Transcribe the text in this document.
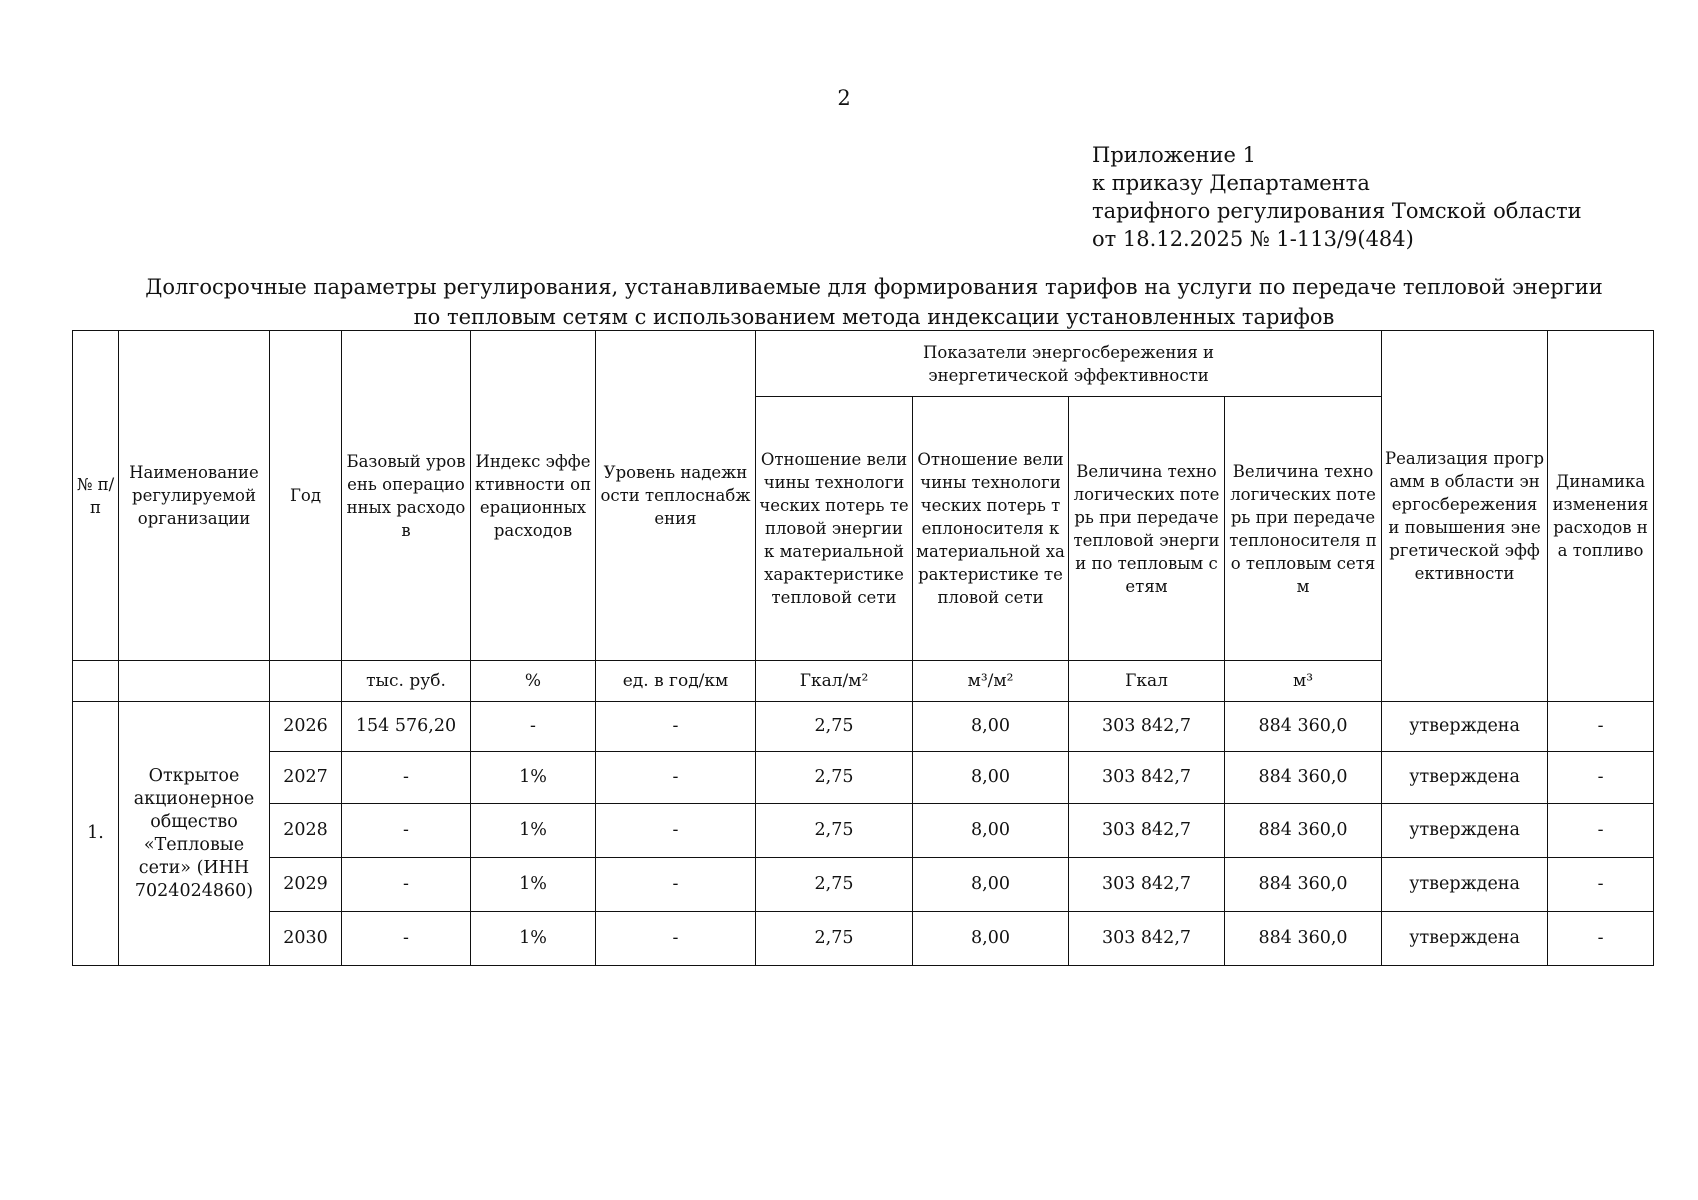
2
Приложение 1
к приказу Департамента
тарифного регулирования Томской области
от 18.12.2025 № 1-113/9(484)
Долгосрочные параметры регулирования, устанавливаемые для формирования тарифов на услуги по передаче тепловой энергии
по тепловым сетям с использованием метода индексации установленных тарифов
№ п/п	Наименование регулируемой организации	Год	Базовый уровень операционных расходов	Индекс эффективности операционных расходов	Уровень надежности теплоснабжения	Показатели энергосбережения и энергетической эффективности				Реализация программ в области энергосбережения и повышения энергетической эффективности	Динамика изменения расходов на топливо
						Отношение величины технологических потерь тепловой энергии к материальной характеристике тепловой сети	Отношение величины технологических потерь теплоносителя к материальной характеристике тепловой сети	Величина технологических потерь при передаче тепловой энергии по тепловым сетям	Величина технологических потерь при передаче теплоносителя по тепловым сетям		
			тыс. руб.	%	ед. в год/км	Гкал/м²	м³/м²	Гкал	м³		
1.	Открытое акционерное общество «Тепловые сети» (ИНН 7024024860)	2026	154 576,20	-	-	2,75	8,00	303 842,7	884 360,0	утверждена	-
		2027	-	1%	-	2,75	8,00	303 842,7	884 360,0	утверждена	-
		2028	-	1%	-	2,75	8,00	303 842,7	884 360,0	утверждена	-
		2029	-	1%	-	2,75	8,00	303 842,7	884 360,0	утверждена	-
		2030	-	1%	-	2,75	8,00	303 842,7	884 360,0	утверждена	-
